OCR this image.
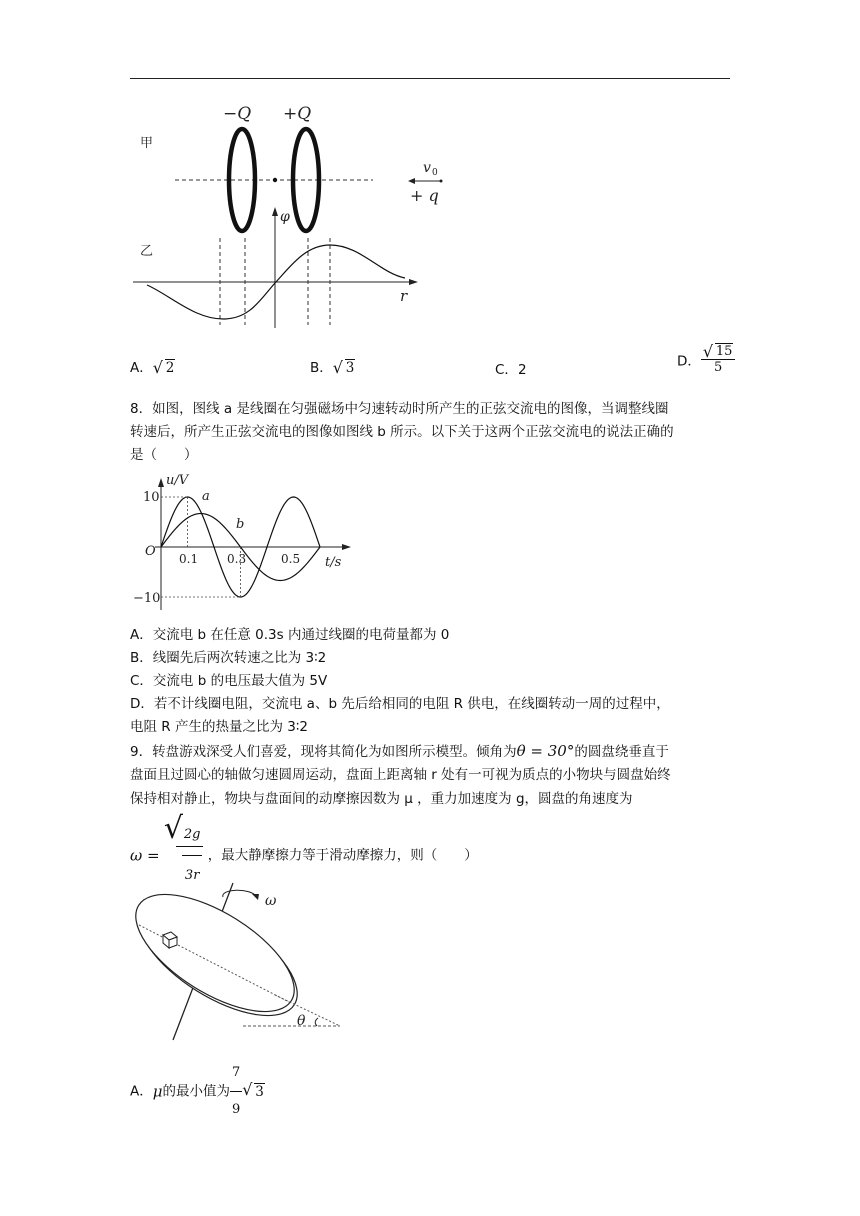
甲
乙
−Q +Q
v 0
+ q
φ
r
A． √ 2	B． √ 3	C．2
D． $\frac{√ 15}{5}$
8．如图，图线 a 是线圈在匀强磁场中匀速转动时所产生的正弦交流电的图像，当调整线圈
转速后，所产生正弦交流电的图像如图线 b 所示。以下关于这两个正弦交流电的说法正确的
是（　　）
u/V
t/s
10
−10
O 0.1 0.3	0.5
a
b
A．交流电 b 在任意 0.3s 内通过线圈的电荷量都为 0
B．线圈先后两次转速之比为 3∶2
C．交流电 b 的电压最大值为 5V
D．若不计线圈电阻，交流电 a、b 先后给相同的电阻 R 供电，在线圈转动一周的过程中，
电阻 R 产生的热量之比为 3∶2
9．转盘游戏深受人们喜爱，现将其简化为如图所示模型。倾角为θ = 30°的圆盘绕垂直于
盘面且过圆心的轴做匀速圆周运动，盘面上距离轴 r 处有一可视为质点的小物块与圆盘始终
保持相对静止，物块与盘面间的动摩擦因数为 μ ，重力加速度为 g，圆盘的角速度为
ω =
√
$\frac{2g}{3r}$ ，最大静摩擦力等于滑动摩擦力，则（　　）
ω
θ
A．μ的最小值为 $\frac{7}{9}$ √ 3
